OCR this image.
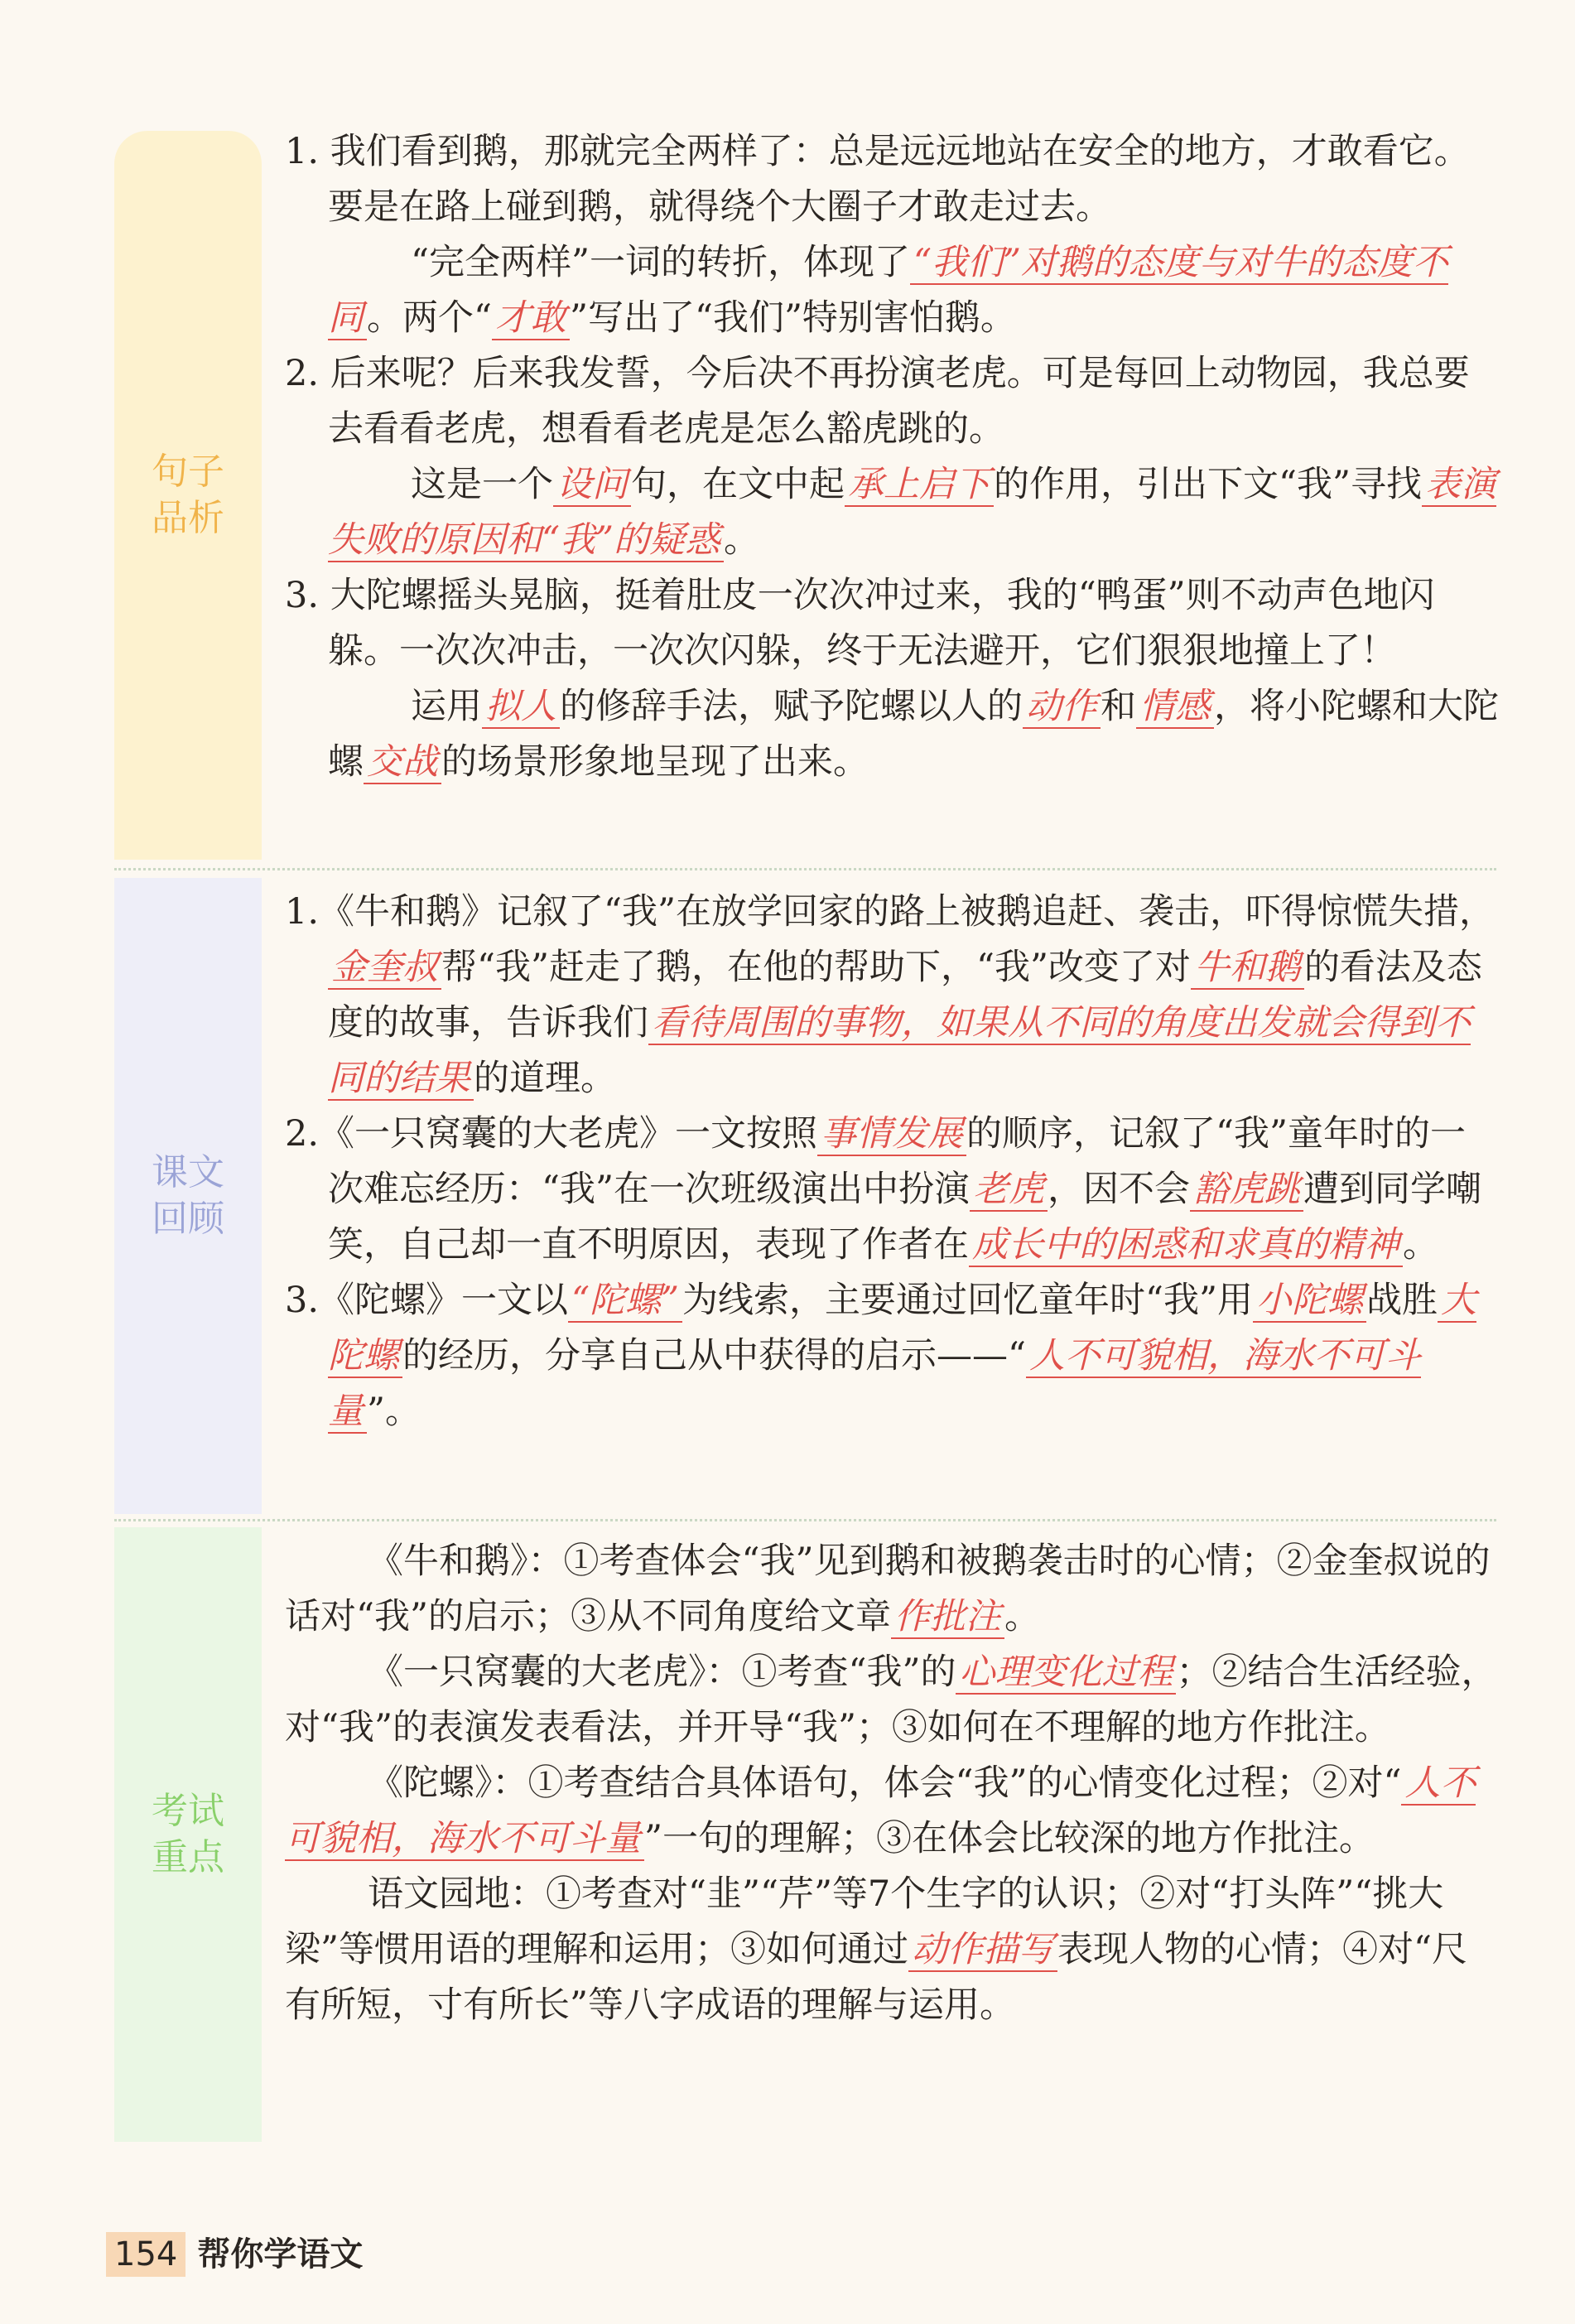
句子品析
课文回顾
考试重点

1. 我们看到鹅，那就完全两样了：总是远远地站在安全的地方，才敢看它。要是在路上碰到鹅，就得绕个大圈子才敢走过去。

“完全两样”一词的转折，体现了“我们”对鹅的态度与对牛的态度不同。两个“才敢”写出了“我们”特别害怕鹅。

2. 后来呢？后来我发誓，今后决不再扮演老虎。可是每回上动物园，我总要去看看老虎，想看看老虎是怎么豁虎跳的。

这是一个设问句，在文中起承上启下的作用，引出下文“我”寻找表演失败的原因和“我”的疑惑。

3. 大陀螺摇头晃脑，挺着肚皮一次次冲过来，我的“鸭蛋”则不动声色地闪躲。一次次冲击，一次次闪躲，终于无法避开，它们狠狠地撞上了！

运用拟人的修辞手法，赋予陀螺以人的动作和情感，将小陀螺和大陀螺交战的场景形象地呈现了出来。

1.《牛和鹅》记叙了“我”在放学回家的路上被鹅追赶、袭击，吓得惊慌失措，金奎叔帮“我”赶走了鹅，在他的帮助下，“我”改变了对牛和鹅的看法及态度的故事，告诉我们看待周围的事物，如果从不同的角度出发就会得到不同的结果的道理。

2.《一只窝囊的大老虎》一文按照事情发展的顺序，记叙了“我”童年时的一次难忘经历：“我”在一次班级演出中扮演老虎，因不会豁虎跳遭到同学嘲笑，自己却一直不明原因，表现了作者在成长中的困惑和求真的精神。

3.《陀螺》一文以“陀螺”为线索，主要通过回忆童年时“我”用小陀螺战胜大陀螺的经历，分享自己从中获得的启示——“人不可貌相，海水不可斗量”。

《牛和鹅》：①考查体会“我”见到鹅和被鹅袭击时的心情；②金奎叔说的话对“我”的启示；③从不同角度给文章作批注。

《一只窝囊的大老虎》：①考查“我”的心理变化过程；②结合生活经验，对“我”的表演发表看法，并开导“我”；③如何在不理解的地方作批注。

《陀螺》：①考查结合具体语句，体会“我”的心情变化过程；②对“人不可貌相，海水不可斗量”一句的理解；③在体会比较深的地方作批注。

语文园地：①考查对“韭”“芹”等7个生字的认识；②对“打头阵”“挑大梁”等惯用语的理解和运用；③如何通过动作描写表现人物的心情；④对“尺有所短，寸有所长”等八字成语的理解与运用。

154 帮你学语文
